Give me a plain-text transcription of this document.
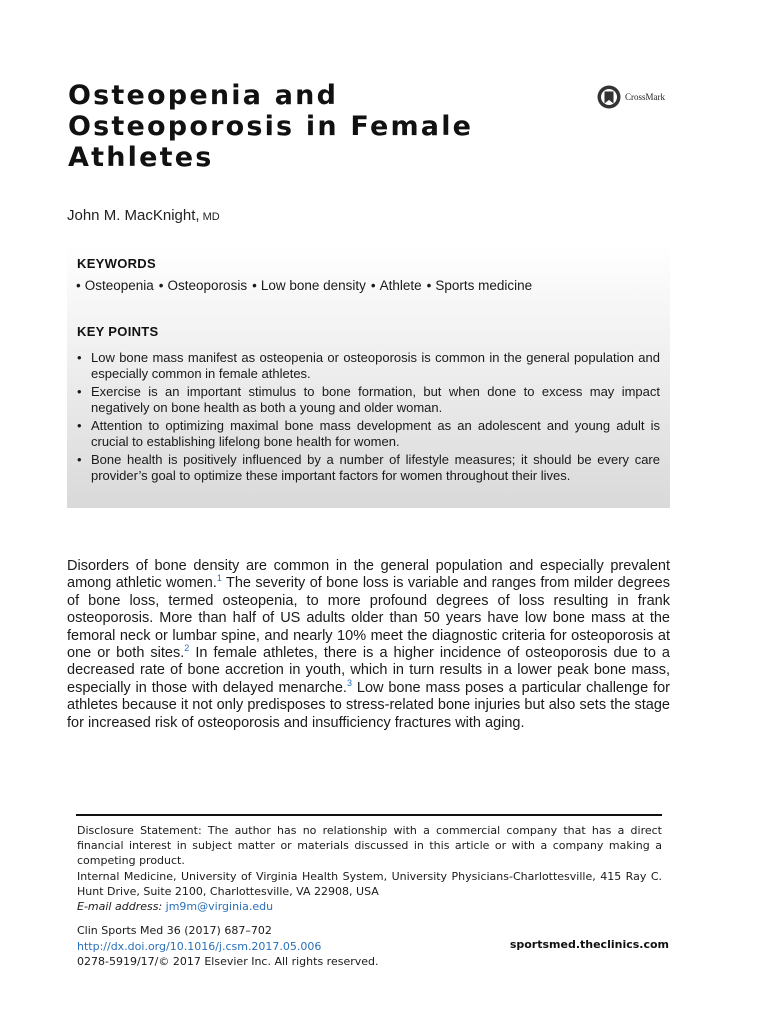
Osteopenia and Osteoporosis in Female Athletes
CrossMark

John M. MacKnight, MD

KEYWORDS
• Osteopenia	• Osteoporosis	• Low bone density	• Athlete	• Sports medicine
KEY POINTS
• Low bone mass manifest as osteopenia or osteoporosis is common in the general population and especially common in female athletes.
• Exercise is an important stimulus to bone formation, but when done to excess may impact negatively on bone health as both a young and older woman.
• Attention to optimizing maximal bone mass development as an adolescent and young adult is crucial to establishing lifelong bone health for women.
• Bone health is positively influenced by a number of lifestyle measures; it should be every care provider’s goal to optimize these important factors for women throughout their lives.

Disorders of bone density are common in the general population and especially prevalent among athletic women.$^1$ The severity of bone loss is variable and ranges from milder degrees of bone loss, termed osteopenia, to more profound degrees of loss resulting in frank osteoporosis. More than half of US adults older than 50 years have low bone mass at the femoral neck or lumbar spine, and nearly 10% meet the diagnostic criteria for osteoporosis at one or both sites.$^2$ In female athletes, there is a higher incidence of osteoporosis due to a decreased rate of bone accretion in youth, which in turn results in a lower peak bone mass, especially in those with delayed menarche.$^3$ Low bone mass poses a particular challenge for athletes because it not only predisposes to stress-related bone injuries but also sets the stage for increased risk of osteoporosis and insufficiency fractures with aging.

Disclosure Statement: The author has no relationship with a commercial company that has a direct financial interest in subject matter or materials discussed in this article or with a company making a competing product.

Internal Medicine, University of Virginia Health System, University Physicians-Charlottesville, 415 Ray C. Hunt Drive, Suite 2100, Charlottesville, VA 22908, USA

E-mail address: jm9m@virginia.edu

Clin Sports Med 36 (2017) 687–702

http://dx.doi.org/10.1016/j.csm.2017.05.006

0278-5919/17/© 2017 Elsevier Inc. All rights reserved.

sportsmed.theclinics.com
